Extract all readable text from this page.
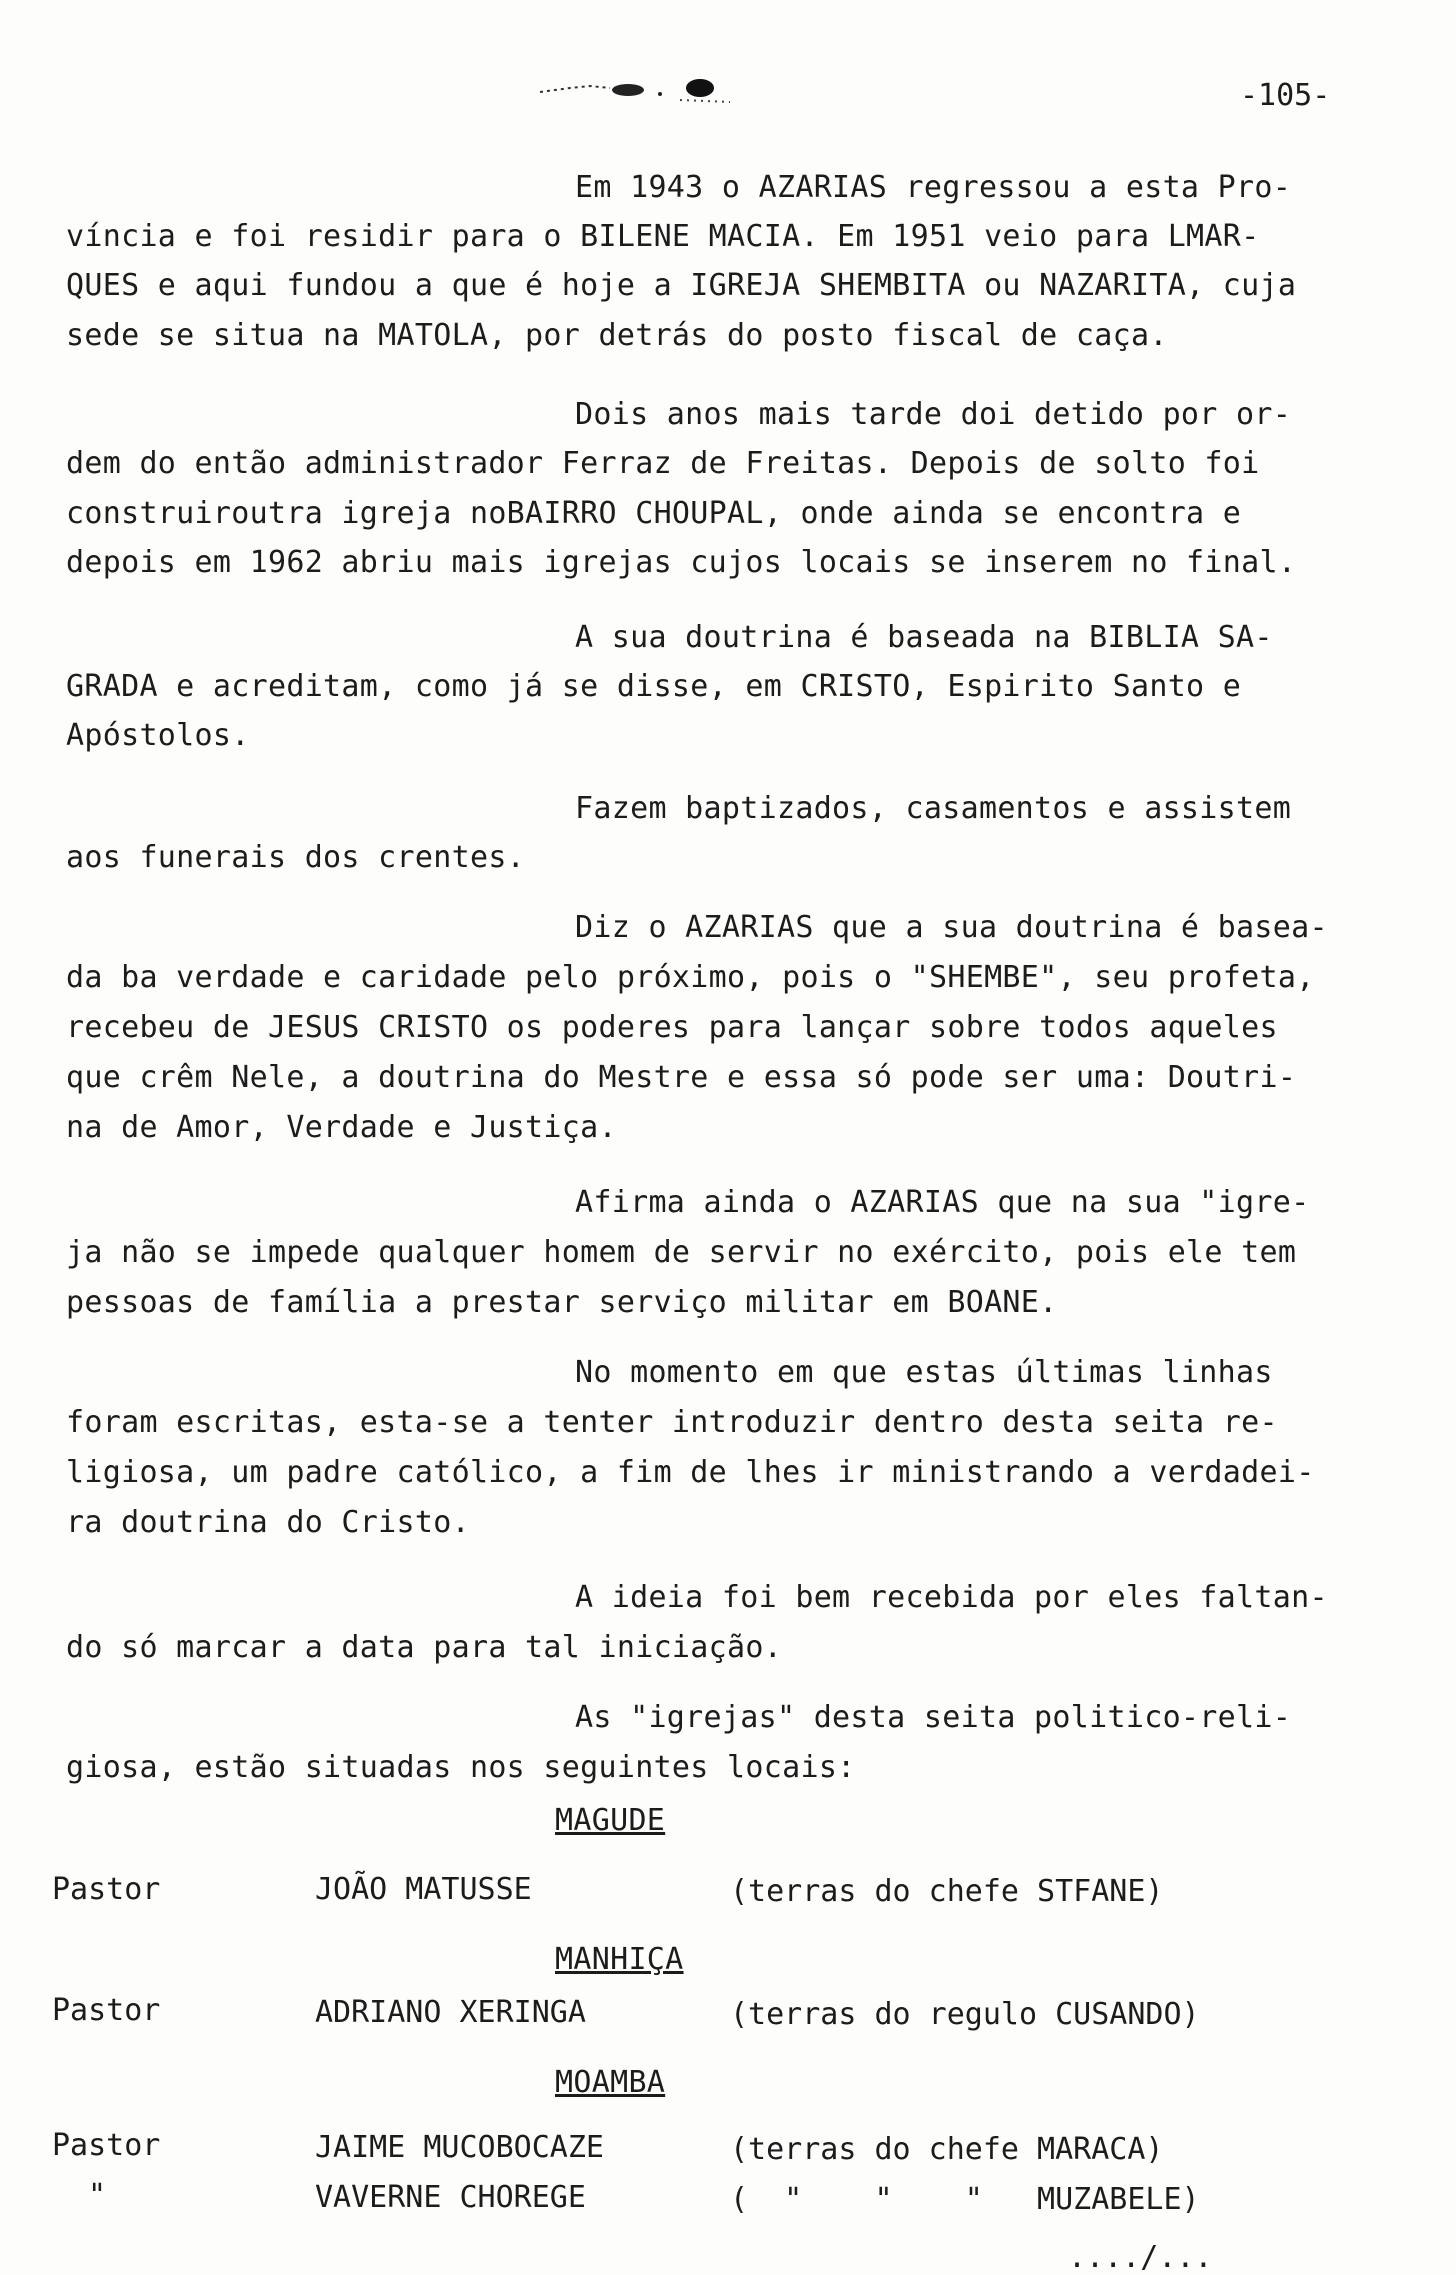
-105-
Em 1943 o AZARIAS regressou a esta Pro-
víncia e foi residir para o BILENE MACIA. Em 1951 veio para LMAR-
QUES e aqui fundou a que é hoje a IGREJA SHEMBITA ou NAZARITA, cuja
sede se situa na MATOLA, por detrás do posto fiscal de caça.
Dois anos mais tarde doi detido por or-
dem do então administrador Ferraz de Freitas. Depois de solto foi
construiroutra igreja noBAIRRO CHOUPAL, onde ainda se encontra e
depois em 1962 abriu mais igrejas cujos locais se inserem no final.
A sua doutrina é baseada na BIBLIA SA-
GRADA e acreditam, como já se disse, em CRISTO, Espirito Santo e
Apóstolos.
Fazem baptizados, casamentos e assistem
aos funerais dos crentes.
Diz o AZARIAS que a sua doutrina é basea-
da ba verdade e caridade pelo próximo, pois o "SHEMBE", seu profeta,
recebeu de JESUS CRISTO os poderes para lançar sobre todos aqueles
que crêm Nele, a doutrina do Mestre e essa só pode ser uma: Doutri-
na de Amor, Verdade e Justiça.
Afirma ainda o AZARIAS que na sua "igre-
ja não se impede qualquer homem de servir no exército, pois ele tem
pessoas de família a prestar serviço militar em BOANE.
No momento em que estas últimas linhas
foram escritas, esta-se a tenter introduzir dentro desta seita re-
ligiosa, um padre católico, a fim de lhes ir ministrando a verdadei-
ra doutrina do Cristo.
A ideia foi bem recebida por eles faltan-
do só marcar a data para tal iniciação.
As "igrejas" desta seita politico-reli-
giosa, estão situadas nos seguintes locais:
MAGUDE
Pastor	JOÃO MATUSSE	(terras do chefe STFANE)
MANHIÇA
Pastor	ADRIANO XERINGA	(terras do regulo CUSANDO)
MOAMBA
Pastor	JAIME MUCOBOCAZE	(terras do chefe MARACA)
"	VAVERNE CHOREGE	(  "    "    "   MUZABELE)
..../...
